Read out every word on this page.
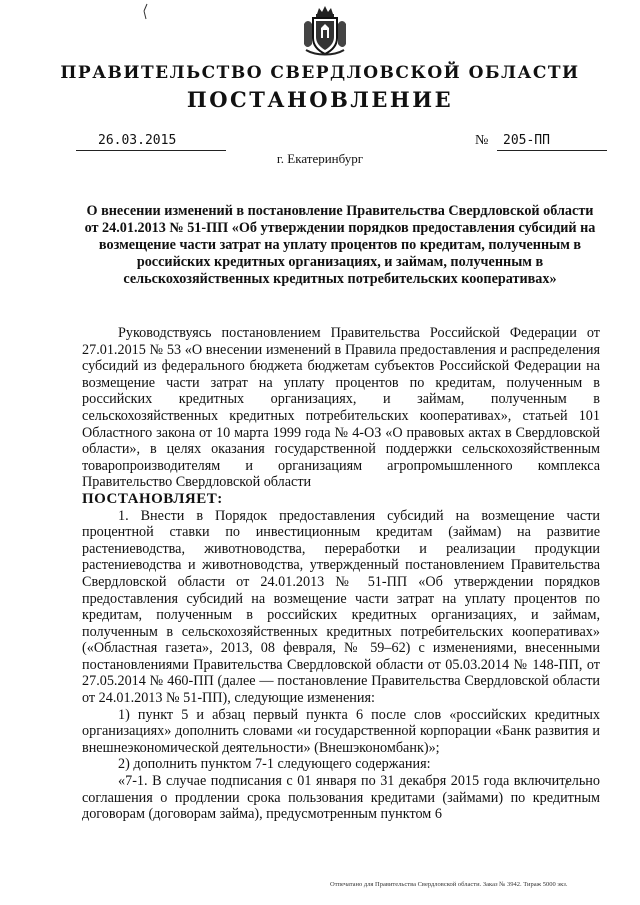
ПРАВИТЕЛЬСТВО СВЕРДЛОВСКОЙ ОБЛАСТИ
ПОСТАНОВЛЕНИЕ
26.03.2015	№ 205-ПП
г. Екатеринбург
О внесении изменений в постановление Правительства Свердловской области от 24.01.2013 № 51-ПП «Об утверждении порядков предоставления субсидий на возмещение части затрат на уплату процентов по кредитам, полученным в российских кредитных организациях, и займам, полученным в сельскохозяйственных кредитных потребительских кооперативах»

Руководствуясь постановлением Правительства Российской Федерации от 27.01.2015 № 53 «О внесении изменений в Правила предоставления и распределения субсидий из федерального бюджета бюджетам субъектов Российской Федерации на возмещение части затрат на уплату процентов по кредитам, полученным в российских кредитных организациях, и займам, полученным в сельскохозяйственных кредитных потребительских кооперативах», статьей 101 Областного закона от 10 марта 1999 года № 4-ОЗ «О правовых актах в Свердловской области», в целях оказания государственной поддержки сельскохозяйственным товаропроизводителям и организациям агропромышленного комплекса Правительство Свердловской области

ПОСТАНОВЛЯЕТ:

1. Внести в Порядок предоставления субсидий на возмещение части процентной ставки по инвестиционным кредитам (займам) на развитие растениеводства, животноводства, переработки и реализации продукции растениеводства и животноводства, утвержденный постановлением Правительства Свердловской области от 24.01.2013 № 51-ПП «Об утверждении порядков предоставления субсидий на возмещение части затрат на уплату процентов по кредитам, полученным в российских кредитных организациях, и займам, полученным в сельскохозяйственных кредитных потребительских кооперативах» («Областная газета», 2013, 08 февраля, № 59–62) с изменениями, внесенными постановлениями Правительства Свердловской области от 05.03.2014 № 148-ПП, от 27.05.2014 № 460-ПП (далее — постановление Правительства Свердловской области от 24.01.2013 № 51-ПП), следующие изменения:

1) пункт 5 и абзац первый пункта 6 после слов «российских кредитных организациях» дополнить словами «и государственной корпорации «Банк развития и внешнеэкономической деятельности» (Внешэкономбанк)»;

2) дополнить пунктом 7-1 следующего содержания:

«7-1. В случае подписания с 01 января по 31 декабря 2015 года включительно соглашения о продлении срока пользования кредитами (займами) по кредитным договорам (договорам займа), предусмотренным пунктом 6

Отпечатано для Правительства Свердловской области. Заказ № 3942. Тираж 5000 экз.
